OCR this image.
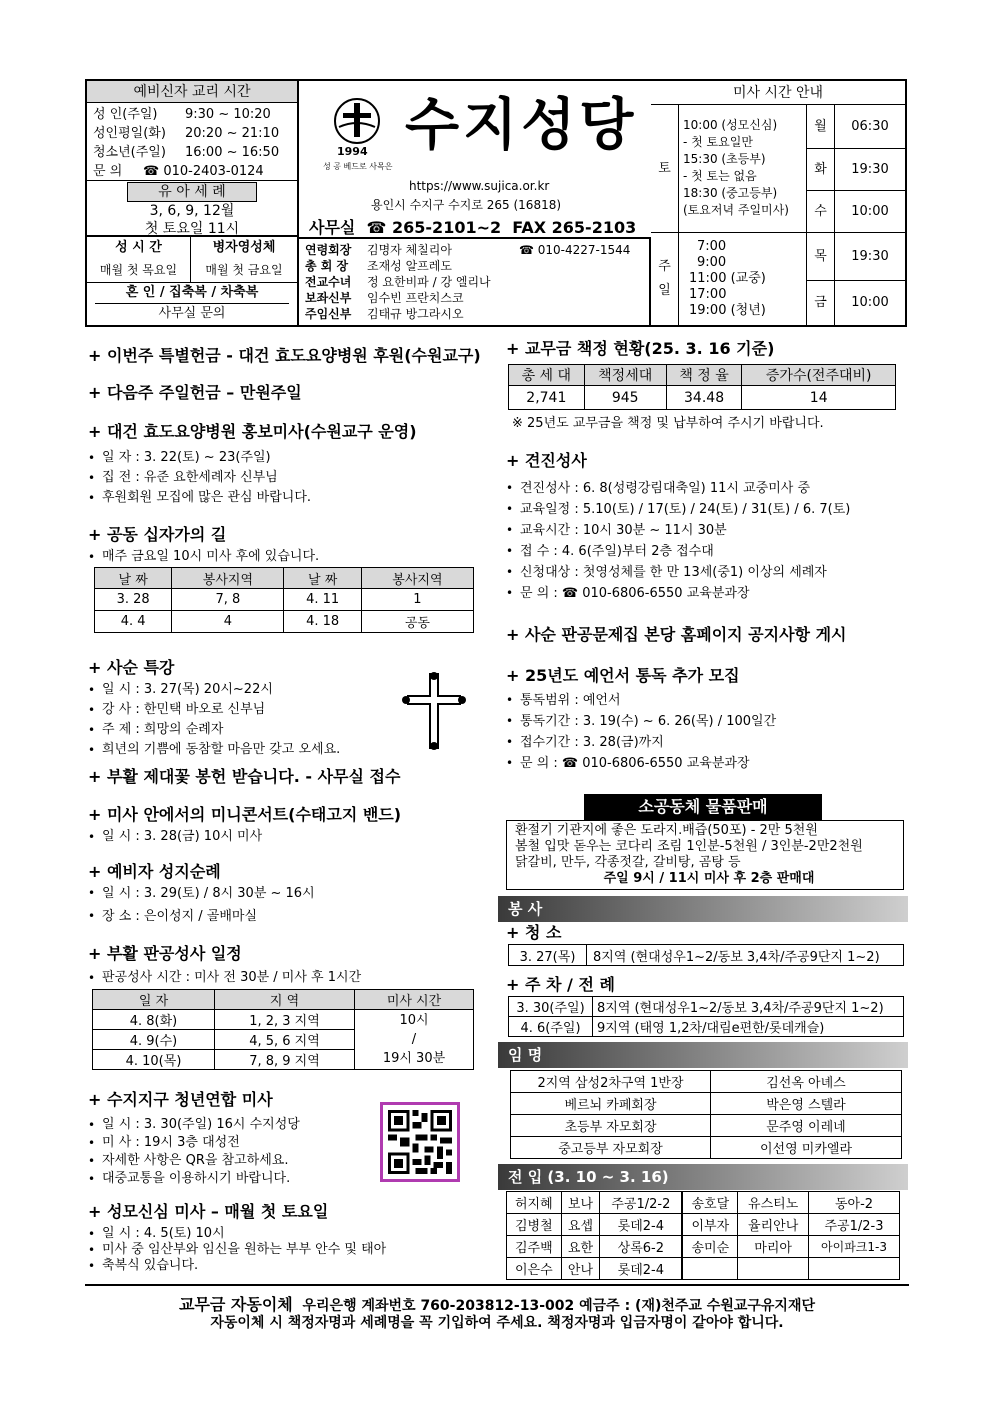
예비신자 교리 시간
성 인(주일) 9:30 ~ 10:20
성인평일(화) 20:20 ~ 21:10
청소년(주일) 16:00 ~ 16:50
문 의 ☎ 010-2403-0124
유 아 세 례
3, 6, 9, 12월
첫 토요일 11시
성 시 간
매월 첫 목요일
병자영성체
매월 첫 금요일
혼 인 / 집축복 / 차축복
사무실 문의
1994
성 공 베드로 사목은
수지성당
https://www.sujica.or.kr
용인시 수지구 수지로 265 (16818)
사무실 ☎ 265-2101~2 FAX 265-2103
연령회장 김명자 체칠리아	☎ 010-4227-1544
총 회 장 조재성 알프레도
전교수녀 정 요한비파 / 강 엘리나
보좌신부 임수빈 프란치스코
주임신부 김태규 방그라시오
미사 시간 안내
토
10:00 (성모신심)
- 첫 토요일만
15:30 (초등부)
- 첫 토는 없음
18:30 (중고등부)
(토요저녁 주일미사)
주
일
7:00
9:00
11:00 (교중)
17:00
19:00 (청년)
월	06:30
화	19:30
수	10:00
목	19:30
금	10:00
+ 이번주 특별헌금 - 대건 효도요양병원 후원(수원교구)
+ 다음주 주일헌금 – 만원주일
+ 대건 효도요양병원 홍보미사(수원교구 운영)
• 일 자 : 3. 22(토) ~ 23(주일)
• 집 전 : 유준 요한세례자 신부님
• 후원회원 모집에 많은 관심 바랍니다.
+ 공동 십자가의 길
• 매주 금요일 10시 미사 후에 있습니다.
날 짜	봉사지역	날 짜	봉사지역
3. 28	7, 8	4. 11	1
4. 4	4	4. 18	공동
+ 사순 특강
• 일 시 : 3. 27(목) 20시~22시
• 강 사 : 한민택 바오로 신부님
• 주 제 : 희망의 순례자
• 희년의 기쁨에 동참할 마음만 갖고 오세요.
+ 부활 제대꽃 봉헌 받습니다. - 사무실 접수
+ 미사 안에서의 미니콘서트(수태고지 밴드)
• 일 시 : 3. 28(금) 10시 미사
+ 예비자 성지순례
• 일 시 : 3. 29(토) / 8시 30분 ~ 16시
• 장 소 : 은이성지 / 골배마실
+ 부활 판공성사 일정
• 판공성사 시간 : 미사 전 30분 / 미사 후 1시간
일 자	지 역	미사 시간
4. 8(화)	1, 2, 3 지역	10시
/
19시 30분

4. 9(수)	4, 5, 6 지역	
4. 10(목)	7, 8, 9 지역	
+ 수지지구 청년연합 미사
• 일 시 : 3. 30(주일) 16시 수지성당
• 미 사 : 19시 3층 대성전
• 자세한 사항은 QR을 참고하세요.
• 대중교통을 이용하시기 바랍니다.
+ 성모신심 미사 – 매월 첫 토요일
• 일 시 : 4. 5(토) 10시
• 미사 중 임산부와 임신을 원하는 부부 안수 및 태아
• 축복식 있습니다.
+ 교무금 책정 현황(25. 3. 16 기준)
총 세 대	책정세대	책 정 율	증가수(전주대비)
2,741	945	34.48	14
※ 25년도 교무금을 책정 및 납부하여 주시기 바랍니다.
+ 견진성사
• 견진성사 : 6. 8(성령강림대축일) 11시 교중미사 중
• 교육일정 : 5.10(토) / 17(토) / 24(토) / 31(토) / 6. 7(토)
• 교육시간 : 10시 30분 ~ 11시 30분
• 접 수 : 4. 6(주일)부터 2층 접수대
• 신청대상 : 첫영성체를 한 만 13세(중1) 이상의 세례자
• 문 의 : ☎ 010-6806-6550 교육분과장
+ 사순 판공문제집 본당 홈페이지 공지사항 게시
+ 25년도 예언서 통독 추가 모집
• 통독범위 : 예언서
• 통독기간 : 3. 19(수) ~ 6. 26(목) / 100일간
• 접수기간 : 3. 28(금)까지
• 문 의 : ☎ 010-6806-6550 교육분과장
소공동체 물품판매
환절기 기관지에 좋은 도라지.배즙(50포) - 2만 5천원
봄철 입맛 돋우는 코다리 조림 1인분-5천원 / 3인분-2만2천원
닭갈비, 만두, 각종젓갈, 갈비탕, 곰탕 등
주일 9시 / 11시 미사 후 2층 판매대
봉 사
+ 청 소
3. 27(목)	8지역 (현대성우1~2/동보 3,4차/주공9단지 1~2)
+ 주 차 / 전 례
3. 30(주일)	8지역 (현대성우1~2/동보 3,4차/주공9단지 1~2)
4. 6(주일)	9지역 (태영 1,2차/대림e편한/롯데캐슬)
임 명
2지역 삼성2차구역 1반장	김선옥 아녜스
베르뇌 카페회장	박은영 스텔라
초등부 자모회장	문주영 이레네
중고등부 자모회장	이선영 미카엘라
전 입 (3. 10 ~ 3. 16)
허지혜	보나	주공1/2-2	송호달	유스티노	동아-2
김병철	요셉	롯데2-4	이부자	율리안나	주공1/2-3
김주백	요한	상록6-2	송미순	마리아	아이파크1-3
이은수	안나	롯데2-4			
교무금 자동이체 우리은행 계좌번호 760-203812-13-002 예금주 : (재)천주교 수원교구유지재단
자동이체 시 책정자명과 세례명을 꼭 기입하여 주세요. 책정자명과 입금자명이 같아야 합니다.
